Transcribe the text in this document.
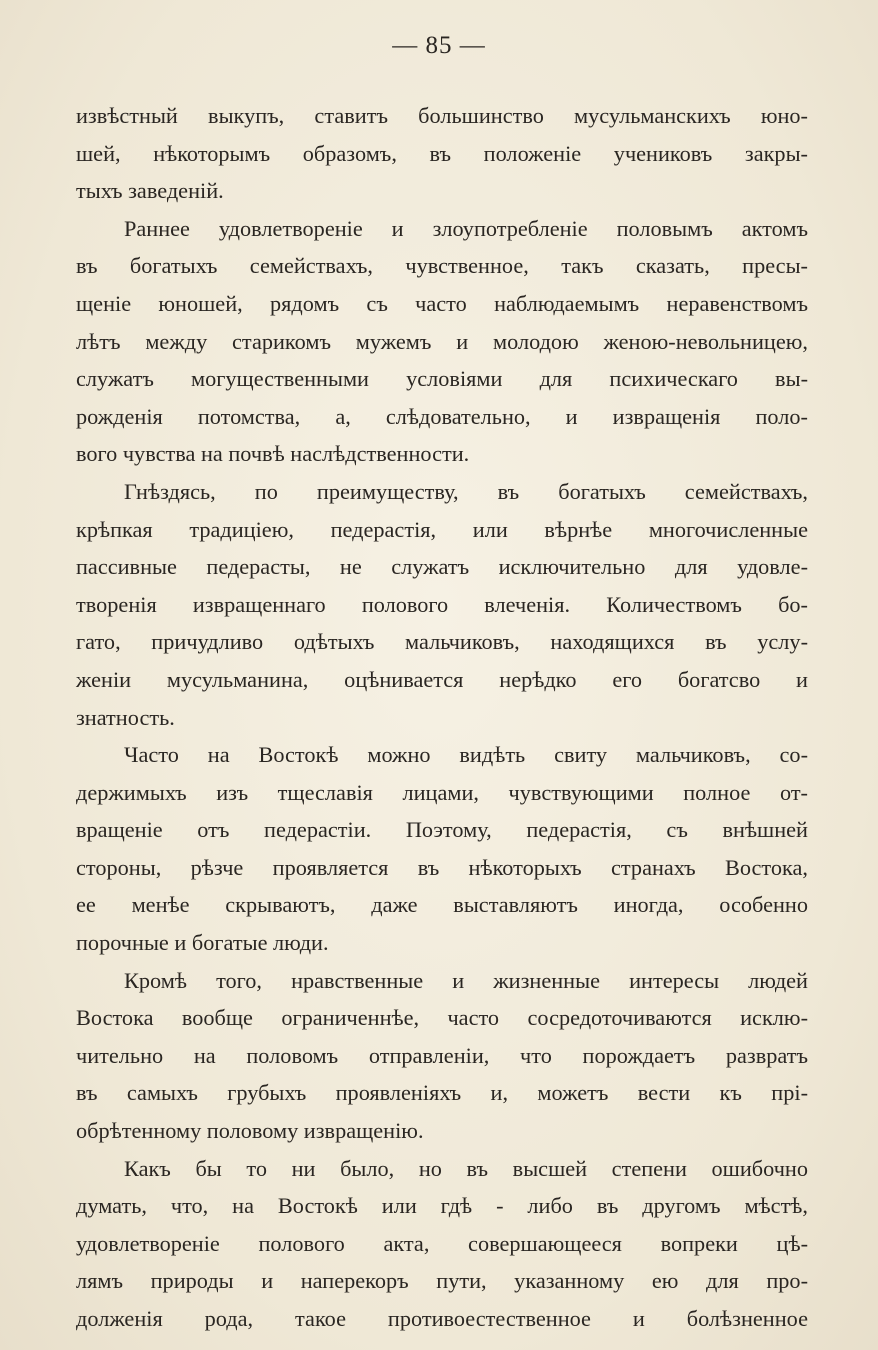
— 85 —
извѣстный выкупъ, ставитъ большинство мусульманскихъ юно-
шей, нѣкоторымъ образомъ, въ положеніе учениковъ закры-
тыхъ заведеній.
Раннее удовлетвореніе и злоупотребленіе половымъ актомъ
въ богатыхъ семействахъ, чувственное, такъ сказать, пресы-
щеніе юношей, рядомъ съ часто наблюдаемымъ неравенствомъ
лѣтъ между старикомъ мужемъ и молодою женою-невольницею,
служатъ могущественными условіями для психическаго вы-
рожденія потомства, а, слѣдовательно, и извращенія поло-
вого чувства на почвѣ наслѣдственности.
Гнѣздясь, по преимуществу, въ богатыхъ семействахъ,
крѣпкая традиціею, педерастія, или вѣрнѣе многочисленные
пассивные педерасты, не служатъ исключительно для удовле-
творенія извращеннаго полового влеченія. Количествомъ бо-
гато, причудливо одѣтыхъ мальчиковъ, находящихся въ услу-
женіи мусульманина, оцѣнивается нерѣдко его богатсво и
знатность.
Часто на Востокѣ можно видѣть свиту мальчиковъ, со-
держимыхъ изъ тщеславія лицами, чувствующими полное от-
вращеніе отъ педерастіи. Поэтому, педерастія, съ внѣшней
стороны, рѣзче проявляется въ нѣкоторыхъ странахъ Востока,
ее менѣе скрываютъ, даже выставляютъ иногда, особенно
порочные и богатые люди.
Кромѣ того, нравственные и жизненные интересы людей
Востока вообще ограниченнѣе, часто сосредоточиваются исклю-
чительно на половомъ отправленіи, что порождаетъ развратъ
въ самыхъ грубыхъ проявленіяхъ и, можетъ вести къ пpi-
обрѣтенному половому извращенію.
Какъ бы то ни было, но въ высшей степени ошибочно
думать, что, на Востокѣ или гдѣ - либо въ другомъ мѣстѣ,
удовлетвореніе полового акта, совершающееся вопреки цѣ-
лямъ природы и наперекоръ пути, указанному ею для про-
долженія рода, такое противоестественное и болѣзненное
